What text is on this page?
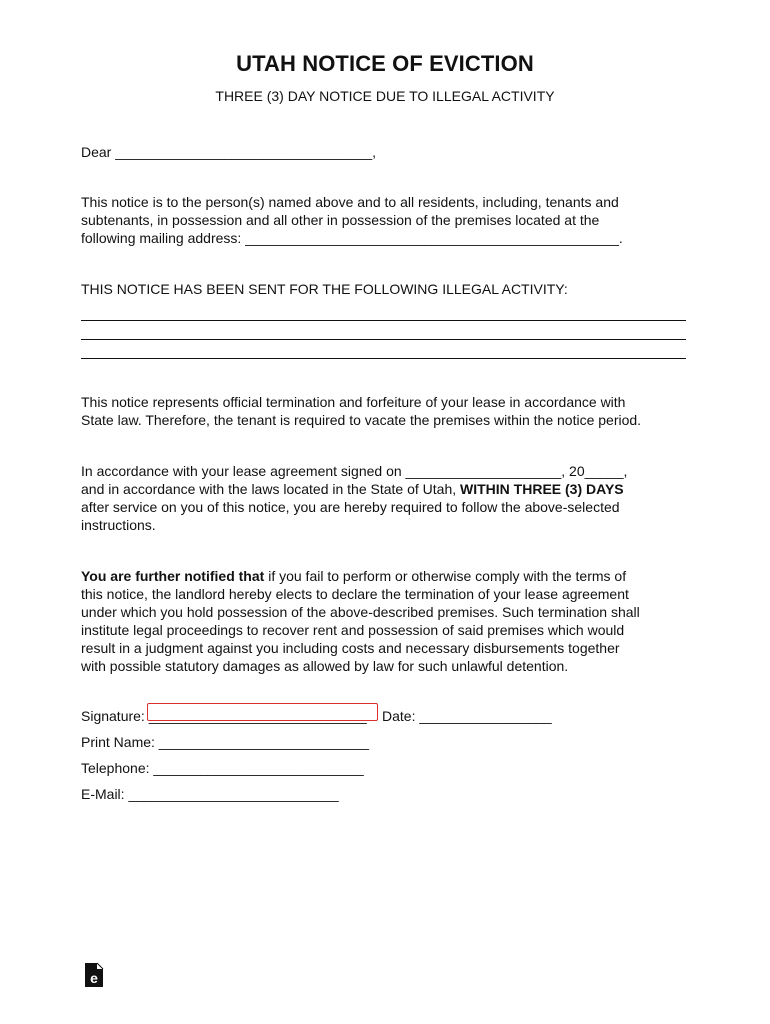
UTAH NOTICE OF EVICTION
THREE (3) DAY NOTICE DUE TO ILLEGAL ACTIVITY
Dear _________________________________,
This notice is to the person(s) named above and to all residents, including, tenants and
subtenants, in possession and all other in possession of the premises located at the
following mailing address: ________________________________________________.
THIS NOTICE HAS BEEN SENT FOR THE FOLLOWING ILLEGAL ACTIVITY:
This notice represents official termination and forfeiture of your lease in accordance with
State law. Therefore, the tenant is required to vacate the premises within the notice period.
In accordance with your lease agreement signed on ____________________, 20_____,
and in accordance with the laws located in the State of Utah, WITHIN THREE (3) DAYS
after service on you of this notice, you are hereby required to follow the above-selected
instructions.
You are further notified that if you fail to perform or otherwise comply with the terms of
this notice, the landlord hereby elects to declare the termination of your lease agreement
under which you hold possession of the above-described premises. Such termination shall
institute legal proceedings to recover rent and possession of said premises which would
result in a judgment against you including costs and necessary disbursements together
with possible statutory damages as allowed by law for such unlawful detention.
Signature: ____________________________ Date: _________________
Print Name: ___________________________
Telephone: ___________________________
E-Mail: ___________________________
e
